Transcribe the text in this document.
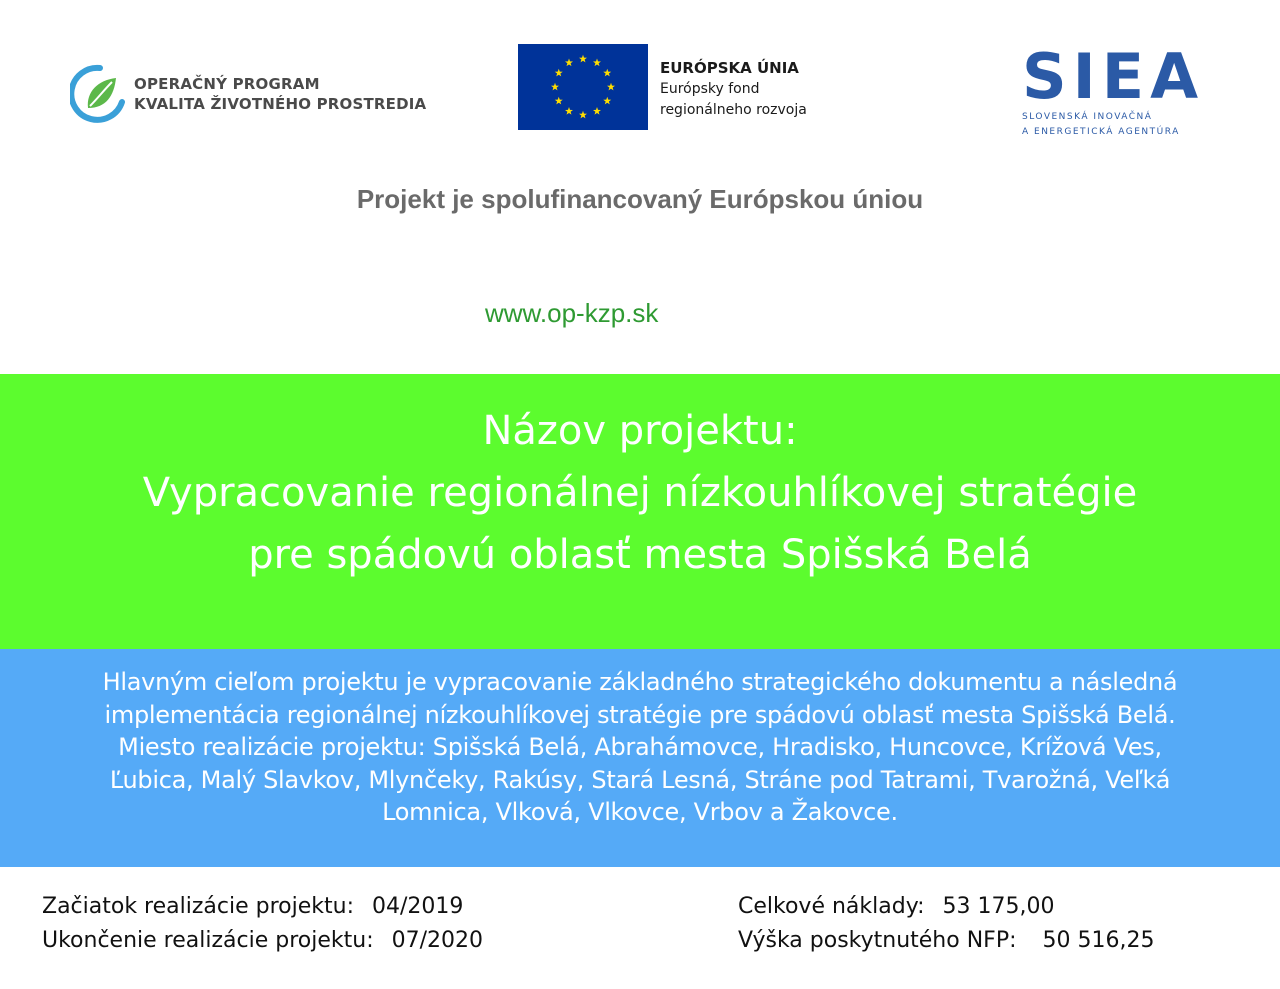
OPERAČNÝ PROGRAM
KVALITA ŽIVOTNÉHO PROSTREDIA
EURÓPSKA ÚNIA
Európsky fond
regionálneho rozvoja	SIEA
SLOVENSKÁ INOVAČNÁ
A ENERGETICKÁ AGENTÚRA
Projekt je spolufinancovaný Európskou úniou
www.op-kzp.sk
Názov projektu:
Vypracovanie regionálnej nízkouhlíkovej stratégie
pre spádovú oblasť mesta Spišská Belá
Hlavným cieľom projektu je vypracovanie základného strategického dokumentu a následná
implementácia regionálnej nízkouhlíkovej stratégie pre spádovú oblasť mesta Spišská Belá.
Miesto realizácie projektu: Spišská Belá, Abrahámovce, Hradisko, Huncovce, Krížová Ves,
Ľubica, Malý Slavkov, Mlynčeky, Rakúsy, Stará Lesná, Stráne pod Tatrami, Tvarožná, Veľká
Lomnica, Vlková, Vlkovce, Vrbov a Žakovce.
Začiatok realizácie projektu: 04/2019
Ukončenie realizácie projektu: 07/2020
Celkové náklady: 53 175,00
Výška poskytnutého NFP: 50 516,25
